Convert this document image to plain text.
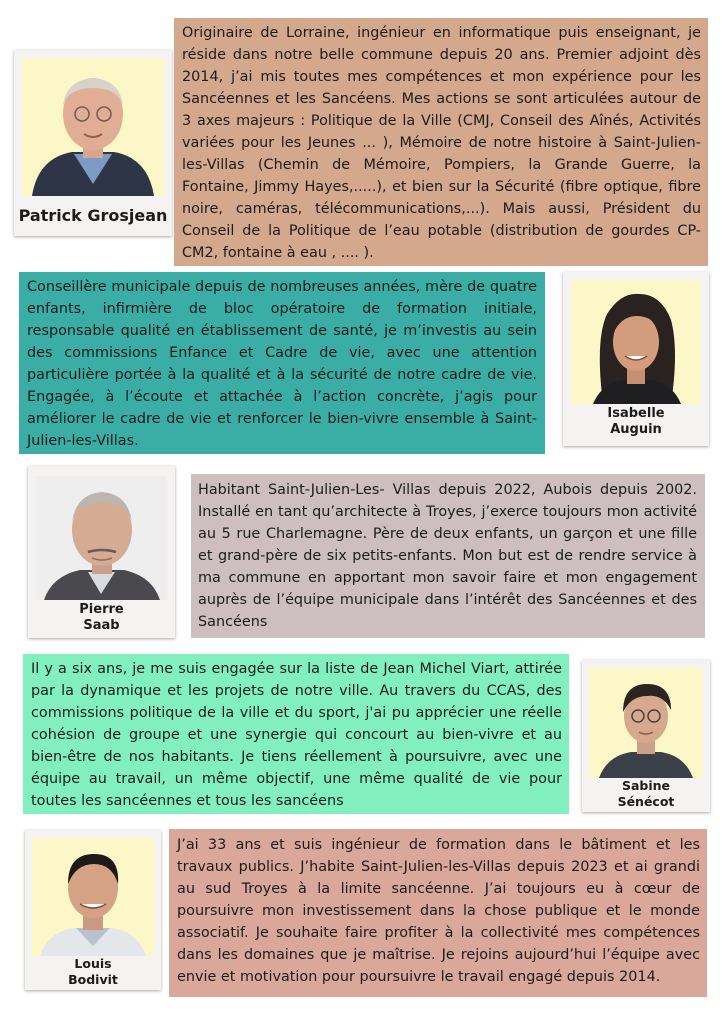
Patrick Grosjean

Originaire de Lorraine, ingénieur en informatique puis enseignant, je réside dans notre belle commune depuis 20 ans. Premier adjoint dès 2014, j’ai mis toutes mes compétences et mon expérience pour les Sancéennes et les Sancéens. Mes actions se sont articulées autour de 3 axes majeurs : Politique de la Ville (CMJ, Conseil des Aînés, Activités variées pour les Jeunes ... ), Mémoire de notre histoire à Saint-Julien-les-Villas (Chemin de Mémoire, Pompiers, la Grande Guerre, la Fontaine, Jimmy Hayes,.....), et bien sur la Sécurité (fibre optique, fibre noire, caméras, télécommunications,...). Mais aussi, Président du Conseil de la Politique de l’eau potable (distribution de gourdes CP-CM2, fontaine à eau , .... ).

Conseillère municipale depuis de nombreuses années, mère de quatre enfants, infirmière de bloc opératoire de formation initiale, responsable qualité en établissement de santé, je m’investis au sein des commissions Enfance et Cadre de vie, avec une attention particulière portée à la qualité et à la sécurité de notre cadre de vie. Engagée, à l’écoute et attachée à l’action concrète, j’agis pour améliorer le cadre de vie et renforcer le bien-vivre ensemble à Saint-Julien-les-Villas.

Isabelle
Auguin
Pierre
Saab

Habitant Saint-Julien-Les- Villas depuis 2022, Aubois depuis 2002. Installé en tant qu’architecte à Troyes, j’exerce toujours mon activité au 5 rue Charlemagne. Père de deux enfants, un garçon et une fille et grand-père de six petits-enfants. Mon but est de rendre service à ma commune en apportant mon savoir faire et mon engagement auprès de l’équipe municipale dans l’intérêt des Sancéennes et des Sancéens

Il y a six ans, je me suis engagée sur la liste de Jean Michel Viart, attirée par la dynamique et les projets de notre ville. Au travers du CCAS, des commissions politique de la ville et du sport, j'ai pu apprécier une réelle cohésion de groupe et une synergie qui concourt au bien-vivre et au bien-être de nos habitants. Je tiens réellement à poursuivre, avec une équipe au travail, un même objectif, une même qualité de vie pour toutes les sancéennes et tous les sancéens

Sabine
Sénécot
Louis
Bodivit

J’ai 33 ans et suis ingénieur de formation dans le bâtiment et les travaux publics. J’habite Saint-Julien-les-Villas depuis 2023 et ai grandi au sud Troyes à la limite sancéenne. J’ai toujours eu à cœur de poursuivre mon investissement dans la chose publique et le monde associatif. Je souhaite faire profiter à la collectivité mes compétences dans les domaines que je maîtrise. Je rejoins aujourd’hui l’équipe avec envie et motivation pour poursuivre le travail engagé depuis 2014.
